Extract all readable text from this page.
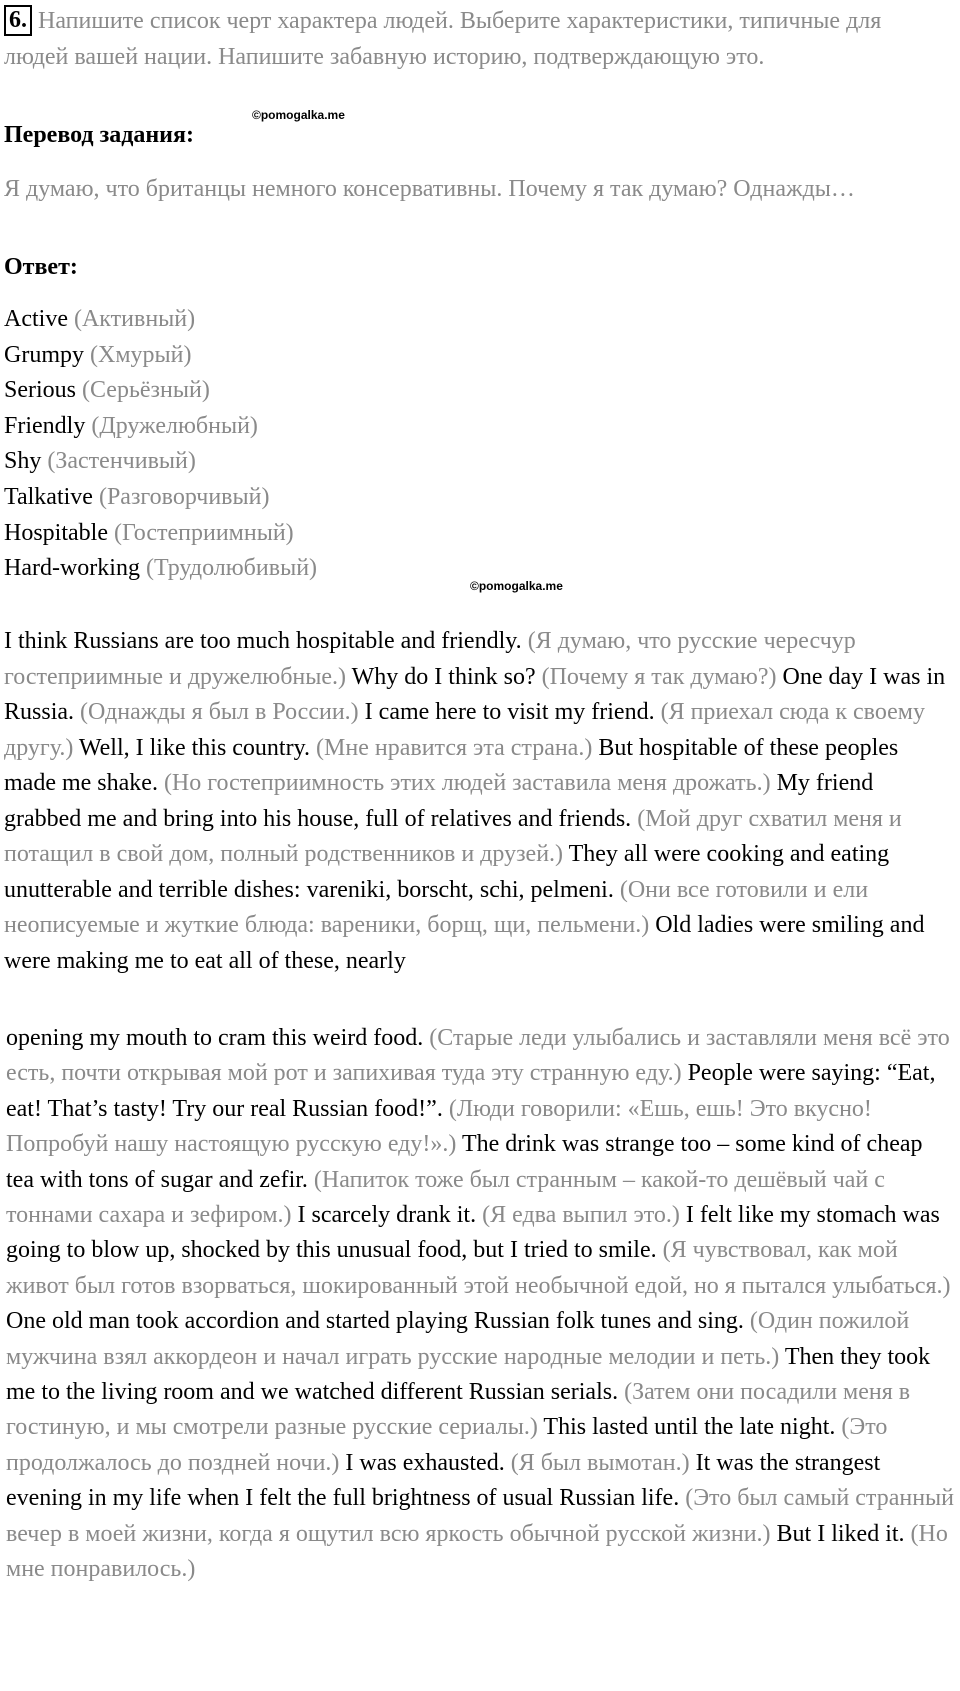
6. Напишите список черт характера людей. Выберите характеристики, типичные для людей вашей нации. Напишите забавную историю, подтверждающую это.

©pomogalka.me

Перевод задания:

Я думаю, что британцы немного консервативны. Почему я так думаю? Однажды…

Ответ:

Active (Активный)
Grumpy (Хмурый)
Serious (Серьёзный)
Friendly (Дружелюбный)
Shy (Застенчивый)
Talkative (Разговорчивый)
Hospitable (Гостеприимный)
Hard-working (Трудолюбивый)
©pomogalka.me

I think Russians are too much hospitable and friendly. (Я думаю, что русские чересчур гостеприимные и дружелюбные.) Why do I think so? (Почему я так думаю?) One day I was in Russia. (Однажды я был в России.) I came here to visit my friend. (Я приехал сюда к своему другу.) Well, I like this country. (Мне нравится эта страна.) But hospitable of these peoples made me shake. (Но гостеприимность этих людей заставила меня дрожать.) My friend grabbed me and bring into his house, full of relatives and friends. (Мой друг схватил меня и потащил в свой дом, полный родственников и друзей.) They all were cooking and eating unutterable and terrible dishes: vareniki, borscht, schi, pelmeni. (Они все готовили и ели неописуемые и жуткие блюда: вареники, борщ, щи, пельмени.) Old ladies were smiling and were making me to eat all of these, nearly

opening my mouth to cram this weird food. (Старые леди улыбались и заставляли меня всё это есть, почти открывая мой рот и запихивая туда эту странную еду.) People were saying: “Eat, eat! That’s tasty! Try our real Russian food!”. (Люди говорили: «Ешь, ешь! Это вкусно! Попробуй нашу настоящую русскую еду!».) The drink was strange too – some kind of cheap tea with tons of sugar and zefir. (Напиток тоже был странным – какой-то дешёвый чай с тоннами сахара и зефиром.) I scarcely drank it. (Я едва выпил это.) I felt like my stomach was going to blow up, shocked by this unusual food, but I tried to smile. (Я чувствовал, как мой живот был готов взорваться, шокированный этой необычной едой, но я пытался улыбаться.) One old man took accordion and started playing Russian folk tunes and sing. (Один пожилой мужчина взял аккордеон и начал играть русские народные мелодии и петь.) Then they took me to the living room and we watched different Russian serials. (Затем они посадили меня в гостиную, и мы смотрели разные русские сериалы.) This lasted until the late night. (Это продолжалось до поздней ночи.) I was exhausted. (Я был вымотан.) It was the strangest evening in my life when I felt the full brightness of usual Russian life. (Это был самый странный вечер в моей жизни, когда я ощутил всю яркость обычной русской жизни.) But I liked it. (Но мне понравилось.)
